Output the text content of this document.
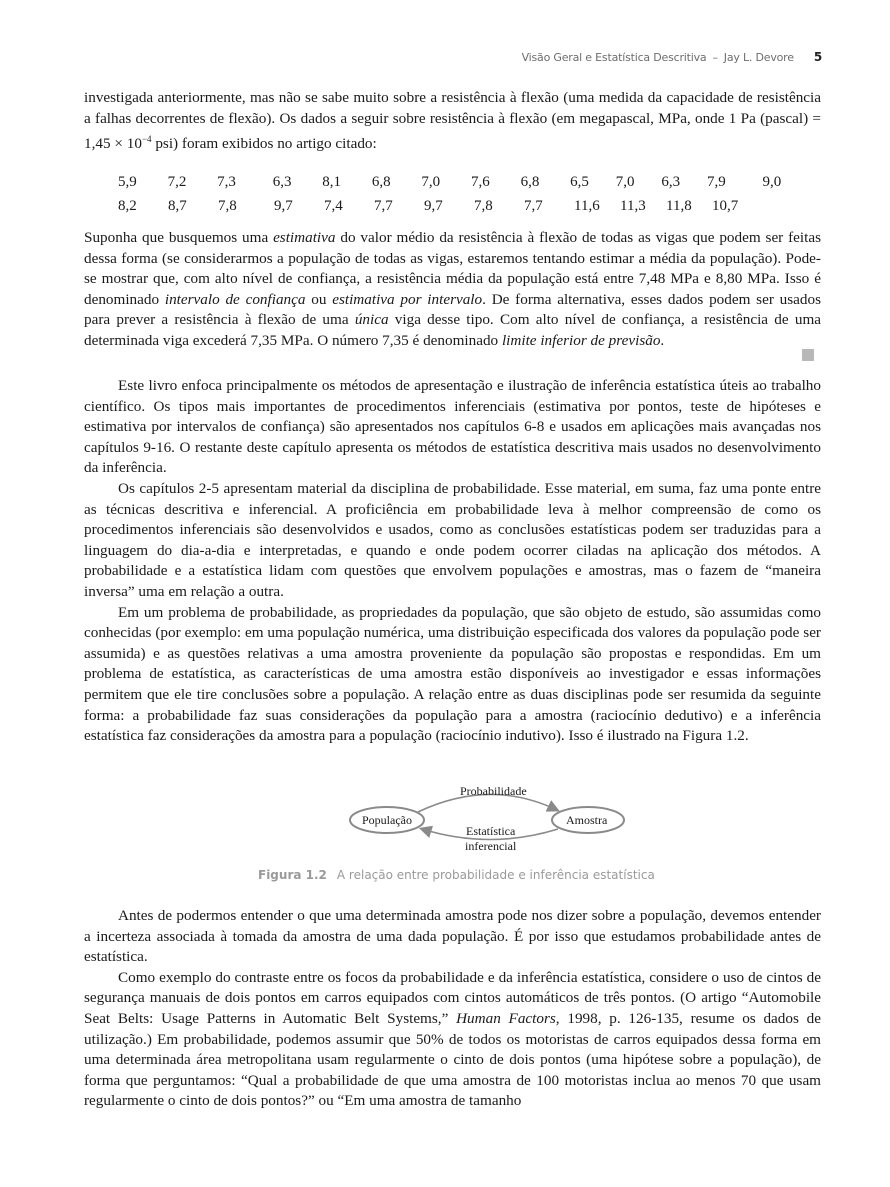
Visão Geral e Estatística Descritiva – Jay L. Devore 5

investigada anteriormente, mas não se sabe muito sobre a resistência à flexão (uma medida da capacidade de resistência a falhas decorrentes de flexão). Os dados a seguir sobre resistência à flexão (em megapascal, MPa, onde 1 Pa (pascal) = $1,45 \times 10^{-4}$ psi) foram exibidos no artigo citado:

5,9	7,2	7,3	6,3	8,1	6,8	7,0	7,6	6,8	6,5	7,0	6,3	7,9	9,0
8,2	8,7	7,8	9,7	7,4	7,7	9,7	7,8	7,7	11,6	11,3	11,8	10,7

Suponha que busquemos uma estimativa do valor médio da resistência à flexão de todas as vigas que podem ser feitas dessa forma (se considerarmos a população de todas as vigas, estaremos tentando estimar a média da população). Pode-se mostrar que, com alto nível de confiança, a resistência média da população está entre 7,48 MPa e 8,80 MPa. Isso é denominado intervalo de confiança ou estimativa por intervalo. De forma alternativa, esses dados podem ser usados para prever a resistência à flexão de uma única viga desse tipo. Com alto nível de confiança, a resistência de uma determinada viga excederá 7,35 MPa. O número 7,35 é denominado limite inferior de previsão.

Este livro enfoca principalmente os métodos de apresentação e ilustração de inferência estatística úteis ao trabalho científico. Os tipos mais importantes de procedimentos inferenciais (estimativa por pontos, teste de hipóteses e estimativa por intervalos de confiança) são apresentados nos capítulos 6-8 e usados em aplicações mais avançadas nos capítulos 9-16. O restante deste capítulo apresenta os métodos de estatística descritiva mais usados no desenvolvimento da inferência.

Os capítulos 2-5 apresentam material da disciplina de probabilidade. Esse material, em suma, faz uma ponte entre as técnicas descritiva e inferencial. A proficiência em probabilidade leva à melhor compreensão de como os procedimentos inferenciais são desenvolvidos e usados, como as conclusões estatísticas podem ser traduzidas para a linguagem do dia-a-dia e interpretadas, e quando e onde podem ocorrer ciladas na aplicação dos métodos. A probabilidade e a estatística lidam com questões que envolvem populações e amostras, mas o fazem de “maneira inversa” uma em relação a outra.

Em um problema de probabilidade, as propriedades da população, que são objeto de estudo, são assumidas como conhecidas (por exemplo: em uma população numérica, uma distribuição especificada dos valores da população pode ser assumida) e as questões relativas a uma amostra proveniente da população são propostas e respondidas. Em um problema de estatística, as características de uma amostra estão disponíveis ao investigador e essas informações permitem que ele tire conclusões sobre a população. A relação entre as duas disciplinas pode ser resumida da seguinte forma: a probabilidade faz suas considerações da população para a amostra (raciocínio dedutivo) e a inferência estatística faz considerações da amostra para a população (raciocínio indutivo). Isso é ilustrado na Figura 1.2.

População	Amostra
Probabilidade
Estatística
inferencial
Figura 1.2 A relação entre probabilidade e inferência estatística

Antes de podermos entender o que uma determinada amostra pode nos dizer sobre a população, devemos entender a incerteza associada à tomada da amostra de uma dada população. É por isso que estudamos probabilidade antes de estatística.

Como exemplo do contraste entre os focos da probabilidade e da inferência estatística, considere o uso de cintos de segurança manuais de dois pontos em carros equipados com cintos automáticos de três pontos. (O artigo “Automobile Seat Belts: Usage Patterns in Automatic Belt Systems,” Human Factors, 1998, p. 126-135, resume os dados de utilização.) Em probabilidade, podemos assumir que 50% de todos os motoristas de carros equipados dessa forma em uma determinada área metropolitana usam regularmente o cinto de dois pontos (uma hipótese sobre a população), de forma que perguntamos: “Qual a probabilidade de que uma amostra de 100 motoristas inclua ao menos 70 que usam regularmente o cinto de dois pontos?” ou “Em uma amostra de tamanho
